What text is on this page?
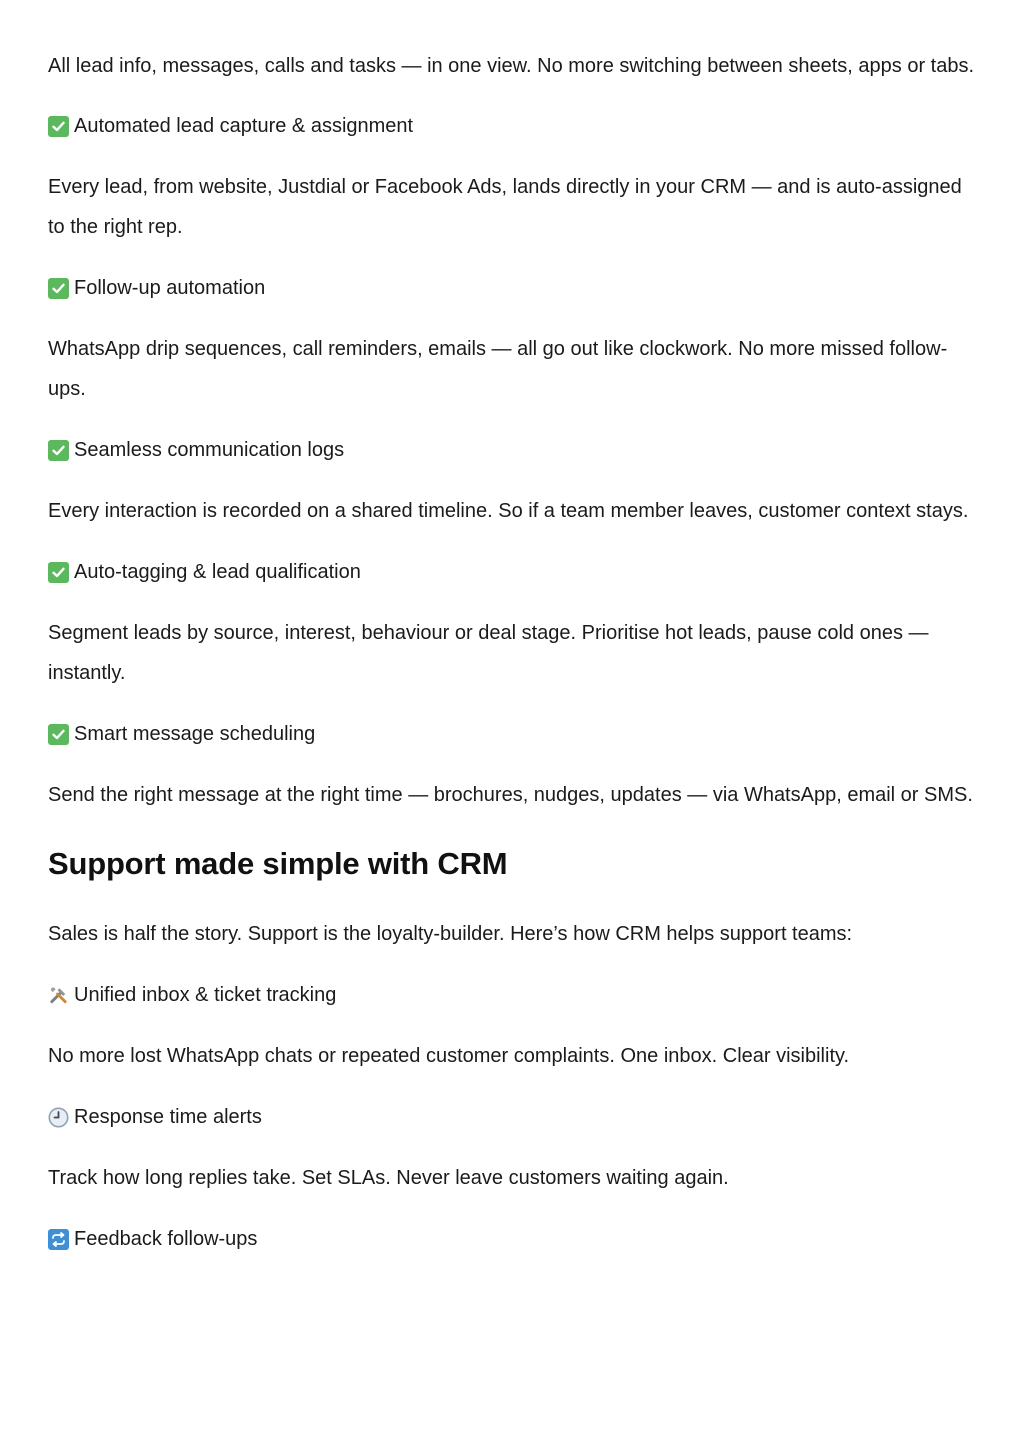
All lead info, messages, calls and tasks — in one view. No more switching between sheets, apps or tabs.

Automated lead capture & assignment

Every lead, from website, Justdial or Facebook Ads, lands directly in your CRM — and is auto-assigned to the right rep.

Follow-up automation

WhatsApp drip sequences, call reminders, emails — all go out like clockwork. No more missed follow-ups.

Seamless communication logs

Every interaction is recorded on a shared timeline. So if a team member leaves, customer context stays.

Auto-tagging & lead qualification

Segment leads by source, interest, behaviour or deal stage. Prioritise hot leads, pause cold ones — instantly.

Smart message scheduling

Send the right message at the right time — brochures, nudges, updates — via WhatsApp, email or SMS.

Support made simple with CRM

Sales is half the story. Support is the loyalty-builder. Here’s how CRM helps support teams:

Unified inbox & ticket tracking

No more lost WhatsApp chats or repeated customer complaints. One inbox. Clear visibility.

Response time alerts

Track how long replies take. Set SLAs. Never leave customers waiting again.

Feedback follow-ups
